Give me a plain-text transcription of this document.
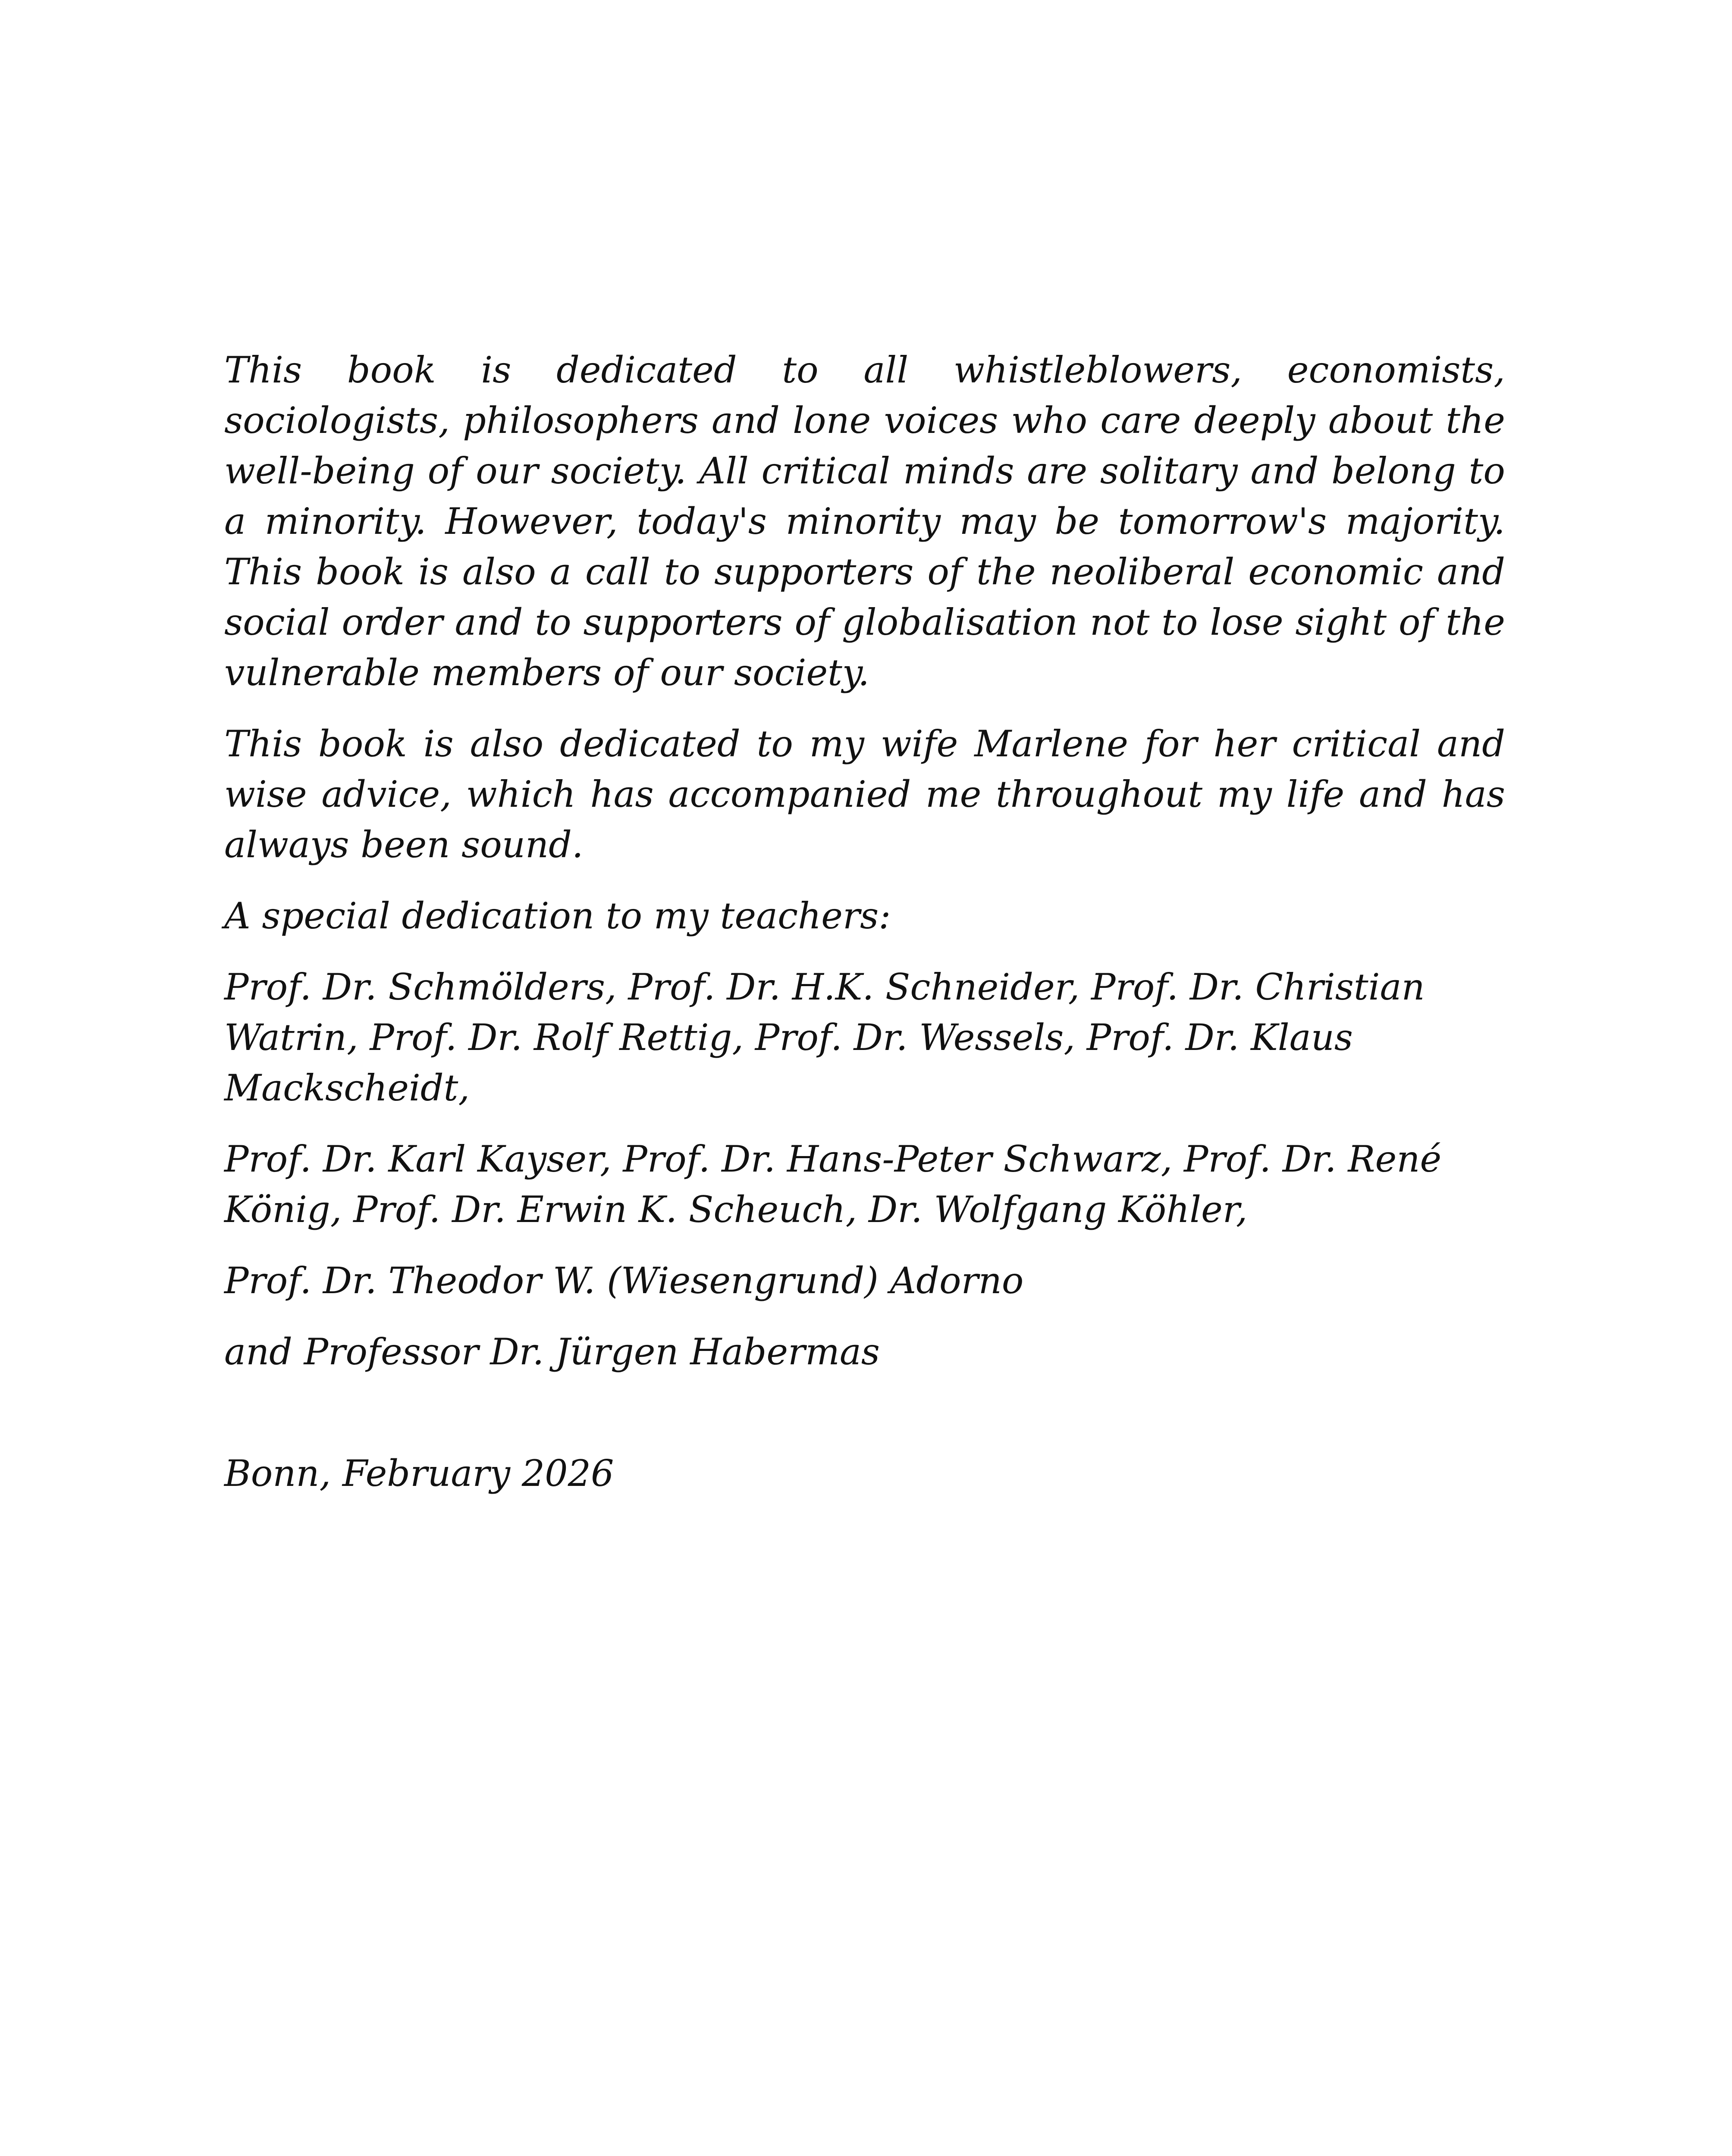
This book is dedicated to all whistleblowers, economists, sociologists, philosophers and lone voices who care deeply about the well-being of our society. All critical minds are solitary and belong to a minority. However, today's minority may be tomorrow's majority. This book is also a call to supporters of the neoliberal economic and social order and to supporters of globalisation not to lose sight of the vulnerable members of our society.

This book is also dedicated to my wife Marlene for her critical and wise advice, which has accompanied me throughout my life and has always been sound.

A special dedication to my teachers:

Prof. Dr. Schmölders, Prof. Dr. H.K. Schneider, Prof. Dr. Christian Watrin, Prof. Dr. Rolf Rettig, Prof. Dr. Wessels, Prof. Dr. Klaus Mackscheidt,

Prof. Dr. Karl Kayser, Prof. Dr. Hans-Peter Schwarz, Prof. Dr. René König, Prof. Dr. Erwin K. Scheuch, Dr. Wolfgang Köhler,

Prof. Dr. Theodor W. (Wiesengrund) Adorno

and Professor Dr. Jürgen Habermas

Bonn, February 2026
